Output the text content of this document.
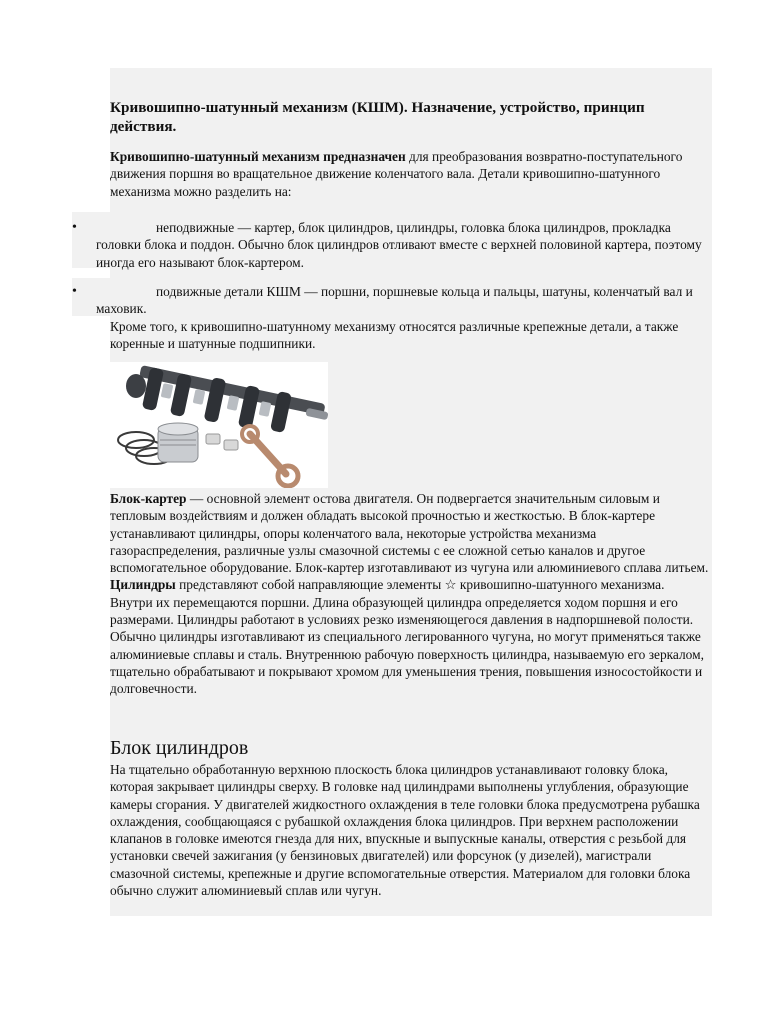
Кривошипно-шатунный механизм (КШМ). Назначение, устройство, принцип действия.
Кривошипно-шатунный механизм предназначен для преобразования возвратно-поступательного движения поршня во вращательное движение коленчатого вала. Детали кривошипно-шатунного механизма можно разделить на:
•	неподвижные — картер, блок цилиндров, цилиндры, головка блока цилиндров, прокладка головки блока и поддон. Обычно блок цилиндров отливают вместе с верхней половиной картера, поэтому иногда его называют блок-картером.
•	подвижные детали КШМ — поршни, поршневые кольца и пальцы, шатуны, коленчатый вал и маховик.
Кроме того, к кривошипно-шатунному механизму относятся различные крепежные детали, а также коренные и шатунные подшипники.
Блок-картер — основной элемент остова двигателя. Он подвергается значительным силовым и тепловым воздействиям и должен обладать высокой прочностью и жесткостью. В блок-картере устанавливают цилиндры, опоры коленчатого вала, некоторые устройства механизма газораспределения, различные узлы смазочной системы с ее сложной сетью каналов и другое вспомогательное оборудование. Блок-картер изготавливают из чугуна или алюминиевого сплава литьем.
Цилиндры представляют собой направляющие элементы ☆ кривошипно-шатунного механизма. Внутри их перемещаются поршни. Длина образующей цилиндра определяется ходом поршня и его размерами. Цилиндры работают в условиях резко изменяющегося давления в надпоршневой полости. Обычно цилиндры изготавливают из специального легированного чугуна, но могут применяться также алюминиевые сплавы и сталь. Внутреннюю рабочую поверхность цилиндра, называемую его зеркалом, тщательно обрабатывают и покрывают хромом для уменьшения трения, повышения износостойкости и долговечности.
Блок цилиндров
На тщательно обработанную верхнюю плоскость блока цилиндров устанавливают головку блока, которая закрывает цилиндры сверху. В головке над цилиндрами выполнены углубления, образующие камеры сгорания. У двигателей жидкостного охлаждения в теле головки блока предусмотрена рубашка охлаждения, сообщающаяся с рубашкой охлаждения блока цилиндров. При верхнем расположении клапанов в головке имеются гнезда для них, впускные и выпускные каналы, отверстия с резьбой для установки свечей зажигания (у бензиновых двигателей) или форсунок (у дизелей), магистрали смазочной системы, крепежные и другие вспомогательные отверстия. Материалом для головки блока обычно служит алюминиевый сплав или чугун.
